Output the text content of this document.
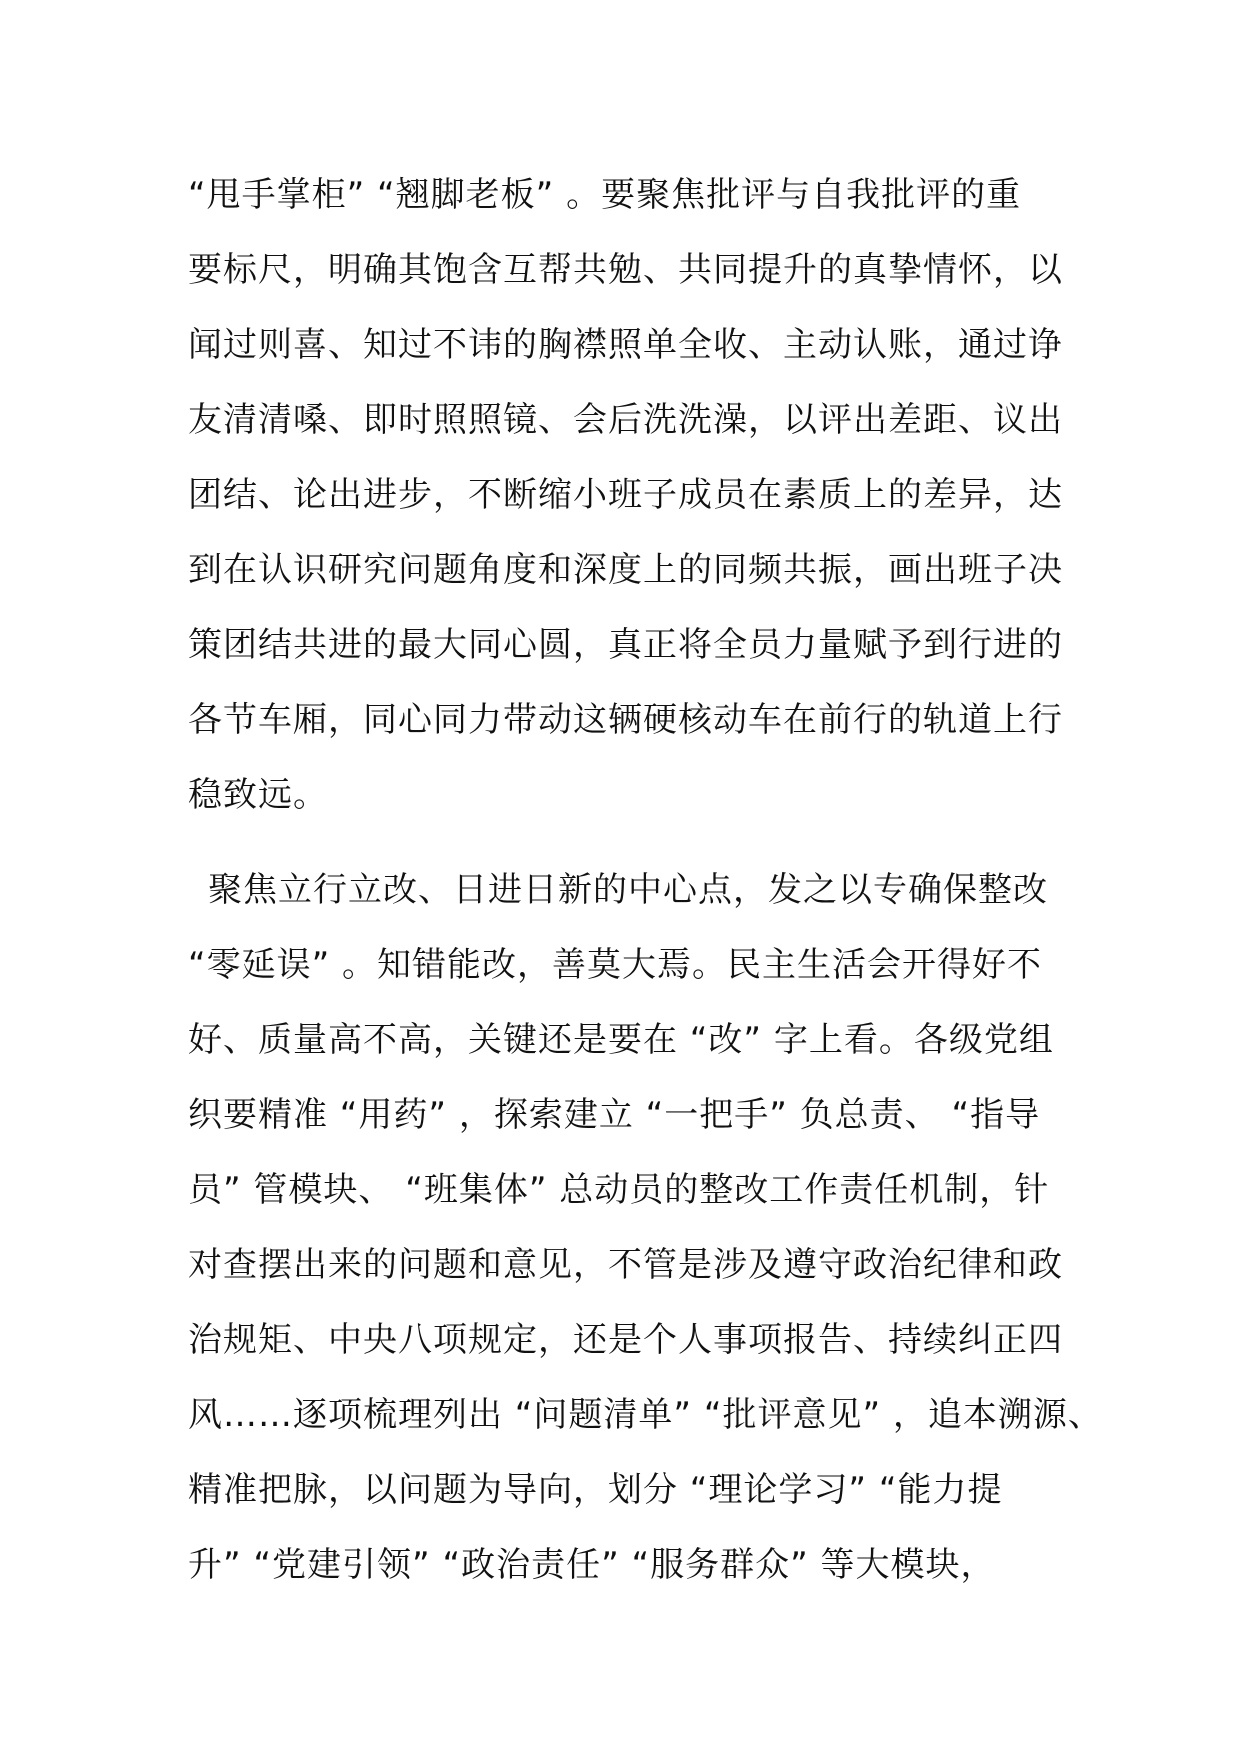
“甩手掌柜” “翘脚老板” 。要聚焦批评与自我批评的重
要标尺，明确其饱含互帮共勉、共同提升的真挚情怀，以
闻过则喜、知过不讳的胸襟照单全收、主动认账，通过诤
友清清嗓、即时照照镜、会后洗洗澡，以评出差距、议出
团结、论出进步，不断缩小班子成员在素质上的差异，达
到在认识研究问题角度和深度上的同频共振，画出班子决
策团结共进的最大同心圆，真正将全员力量赋予到行进的
各节车厢，同心同力带动这辆硬核动车在前行的轨道上行
稳致远。
聚焦立行立改、日进日新的中心点，发之以专确保整改
“零延误” 。知错能改，善莫大焉。民主生活会开得好不
好、质量高不高，关键还是要在 “改” 字上看。各级党组
织要精准 “用药” ，探索建立 “一把手” 负总责、 “指导
员” 管模块、 “班集体” 总动员的整改工作责任机制，针
对查摆出来的问题和意见，不管是涉及遵守政治纪律和政
治规矩、中央八项规定，还是个人事项报告、持续纠正四
风……逐项梳理列出 “问题清单” “批评意见” ，追本溯源、
精准把脉，以问题为导向，划分 “理论学习” “能力提
升” “党建引领” “政治责任” “服务群众” 等大模块，
